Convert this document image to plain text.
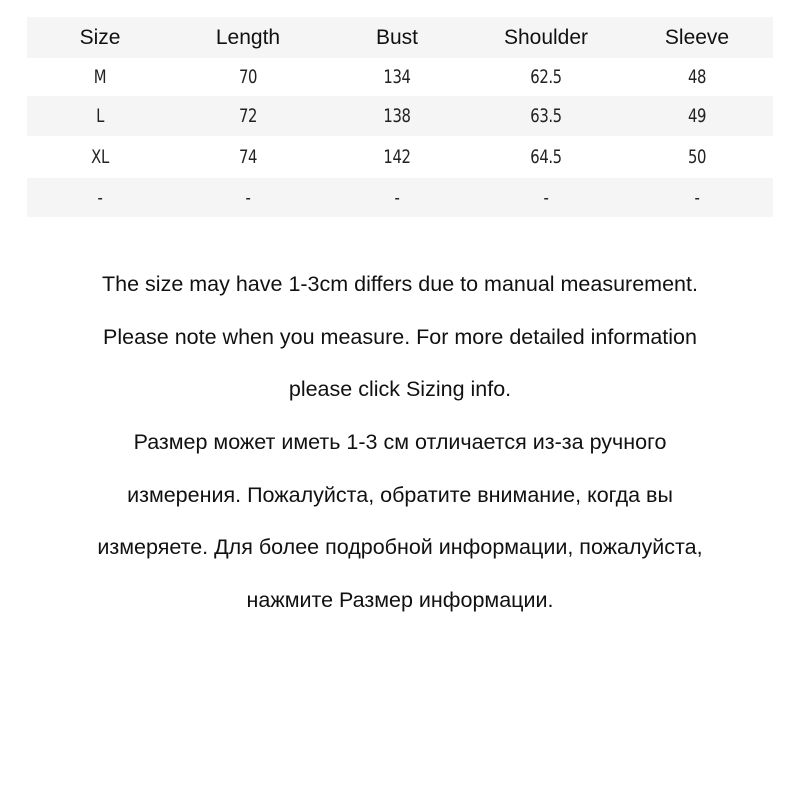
Size	Length	Bust	Shoulder	Sleeve
M	70	134	62.5	48
L	72	138	63.5	49
XL	74	142	64.5	50
-	-	-	-	-
The size may have 1-3cm differs due to manual measurement.
Please note when you measure. For more detailed information
please click Sizing info.
Размер может иметь 1-3 см отличается из-за ручного
измерения. Пожалуйста, обратите внимание, когда вы
измеряете. Для более подробной информации, пожалуйста,
нажмите Размер информации.
